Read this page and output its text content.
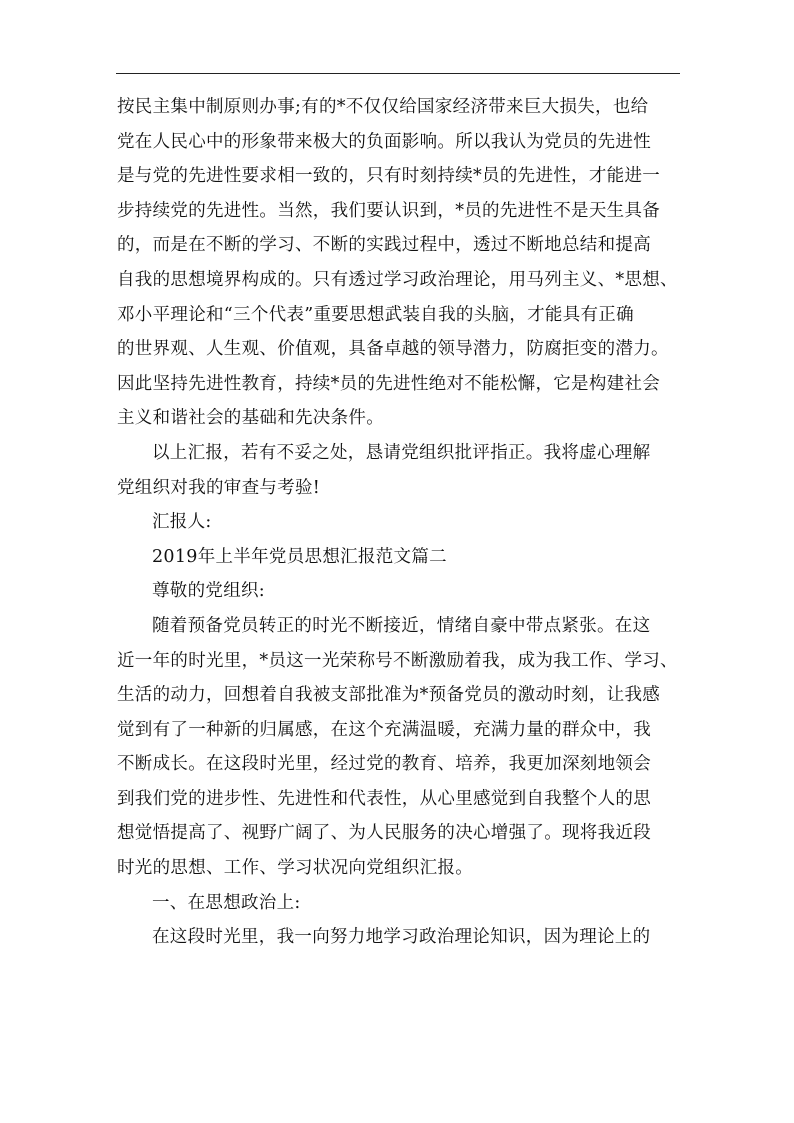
按民主集中制原则办事;有的*不仅仅给国家经济带来巨大损失，也给
党在人民心中的形象带来极大的负面影响。所以我认为党员的先进性
是与党的先进性要求相一致的，只有时刻持续*员的先进性，才能进一
步持续党的先进性。当然，我们要认识到，*员的先进性不是天生具备
的，而是在不断的学习、不断的实践过程中，透过不断地总结和提高
自我的思想境界构成的。只有透过学习政治理论，用马列主义、*思想、
邓小平理论和“三个代表”重要思想武装自我的头脑，才能具有正确
的世界观、人生观、价值观，具备卓越的领导潜力，防腐拒变的潜力。
因此坚持先进性教育，持续*员的先进性绝对不能松懈，它是构建社会
主义和谐社会的基础和先决条件。
以上汇报，若有不妥之处，恳请党组织批评指正。我将虚心理解
党组织对我的审查与考验!
汇报人:
2019年上半年党员思想汇报范文篇二
尊敬的党组织:
随着预备党员转正的时光不断接近，情绪自豪中带点紧张。在这
近一年的时光里，*员这一光荣称号不断激励着我，成为我工作、学习、
生活的动力，回想着自我被支部批准为*预备党员的激动时刻，让我感
觉到有了一种新的归属感，在这个充满温暖，充满力量的群众中，我
不断成长。在这段时光里，经过党的教育、培养，我更加深刻地领会
到我们党的进步性、先进性和代表性，从心里感觉到自我整个人的思
想觉悟提高了、视野广阔了、为人民服务的决心增强了。现将我近段
时光的思想、工作、学习状况向党组织汇报。
一、在思想政治上:
在这段时光里，我一向努力地学习政治理论知识，因为理论上的
